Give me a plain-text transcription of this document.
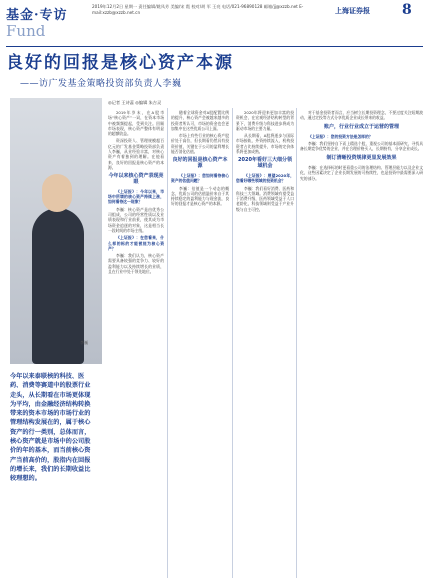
基金·专访
Fund
2019年12月2日 星期一 责任编辑/姚凤芳 美编/宋 霞 校对/胡 军 王亮 电话/021-96890128 邮箱/jj@xzzb.net E-mail:xzzb@xzzb.net.cn	上海证券报 8
良好的回报是核心资产本源
——访广发基金策略投资部负责人李巍
李巍
今年以来泰联核的科技、医药、消费等赛道中的股票行业走头，从长期看在市场更体现为平均，由金融经济结构转换带来的资本市场的市场行业的管理结构发展在的，属于核心资产的行一类别，总体而言，核心资产就是市场中的公司股价的年的基本，而当前核心资产当前高价的，股指内在回报的增长来，我们的长期收益比较理想的。
◎记者 王诗蕊 ◎编辑 朱吉灵

2019年岁末，在A股市场“核心资产”一词，在资本市场中被频频提起，受到关注。回顾市场表现，核心资产整体有明显的超额收益。

资深投资人、管理规模超百亿元的广发基金策略投资部负责人李巍，从业经验丰富，对核心资产有着独到的理解。在他看来，良好的回报是核心资产的本源。

今年以来核心资产表现亮眼

《上证报》：今年以来，市场中所谓的核心资产持续上涨，如何看待这一现象？

李巍：核心资产是由优秀公司组成，公司的经营性质以及业绩表现和行业前景，使其成为市场资金追逐的对象，这是相当长一段时间的市场主线。

《上证报》：在您看来，什么样的标的才能被视为核心资产？

李巍：我们认为，核心资产需要具备较强的竞争力、较好的盈利能力以及持续增长的业绩，且在行业中处于领先地位。

随着全球资金对A股配置比例的提升，核心资产会被越来越多的投资者所认可，市场的资金也会更加集中在这些优质公司上面。

市场上有些行业的核心资产股价处于高位，但长期看仍然具有投资价值，关键在于公司的盈利增长能否消化估值。

良好的回报是核心资产本源

《上证报》：您如何看待核心资产的估值问题？

李巍：估值是一个动态的概念，优质公司的估值溢价来自于其持续稳定的盈利能力与现金流，良好的回报才是核心资产的本源。

2020年将迎来更加丰富的投资机会，在宏观经济结构转型的背景下，消费升级与科技进步将成为驱动市场的主要力量。

从长期看，A股将逐步与国际市场接轨，外资持续流入，机构投资者占比持续提升，市场的定价体系将更加成熟。

2020年看好三大细分领域机会

《上证报》：展望2020年，您看好哪些领域的投资机会？

李巍：我们看好消费、医药和科技三大领域。消费领域有望受益于消费升级，医药领域受益于人口老龄化，科技领域则受益于产业升级与自主可控。

对于基金投资者而言，应当树立长期投资理念，不要过度关注短期波动，通过定投等方式分享优质企业成长带来的收益。

账户，行业行业成立于运营的管理

《上证报》：您的投资方法是怎样的？

李巍：我们坚持自下而上精选个股，重视公司的基本面研究，寻找具备长期竞争优势的企业，并在合理价格买入，长期持有，分享企业成长。

制订清晰投资规律更显发展效果

李巍：在选择标的时更看重公司的治理结构、管理层能力以及企业文化，这些因素决定了企业长期发展的可持续性，也是投资中最需要深入研究的部分。
